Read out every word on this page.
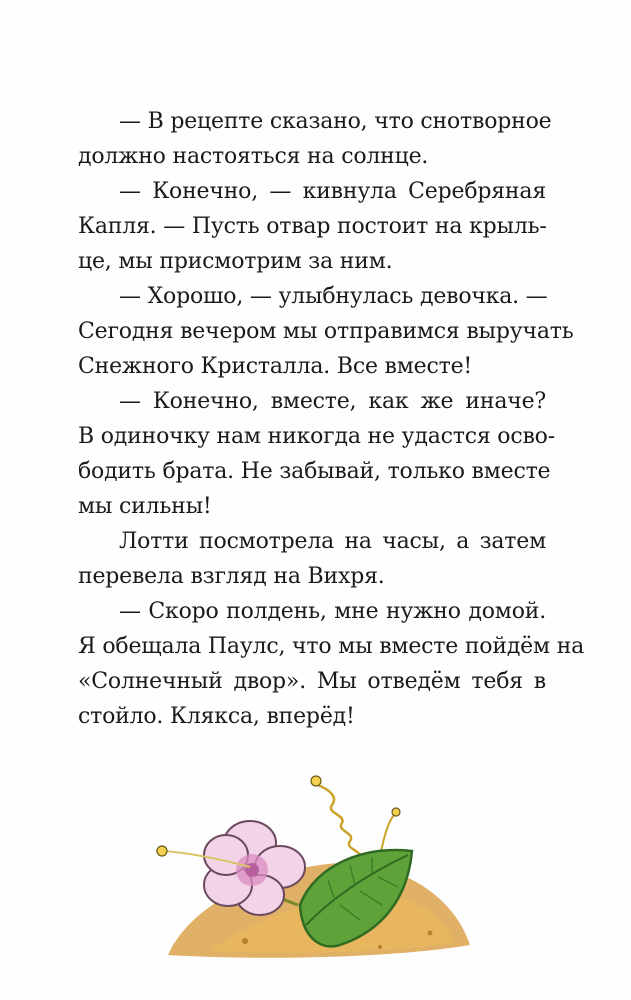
— В рецепте сказано, что снотворное
должно настояться на солнце.
— Конечно, — кивнула Серебряная
Капля. — Пусть отвар постоит на крыль-
це, мы присмотрим за ним.
— Хорошо, — улыбнулась девочка. —
Сегодня вечером мы отправимся выручать
Снежного Кристалла. Все вместе!
— Конечно, вместе, как же иначе?
В одиночку нам никогда не удастся осво-
бодить брата. Не забывай, только вместе
мы сильны!
Лотти посмотрела на часы, а затем
перевела взгляд на Вихря.
— Скоро полдень, мне нужно домой.
Я обещала Паулс, что мы вместе пойдём на
«Солнечный двор». Мы отведём тебя в
стойло. Клякса, вперёд!
